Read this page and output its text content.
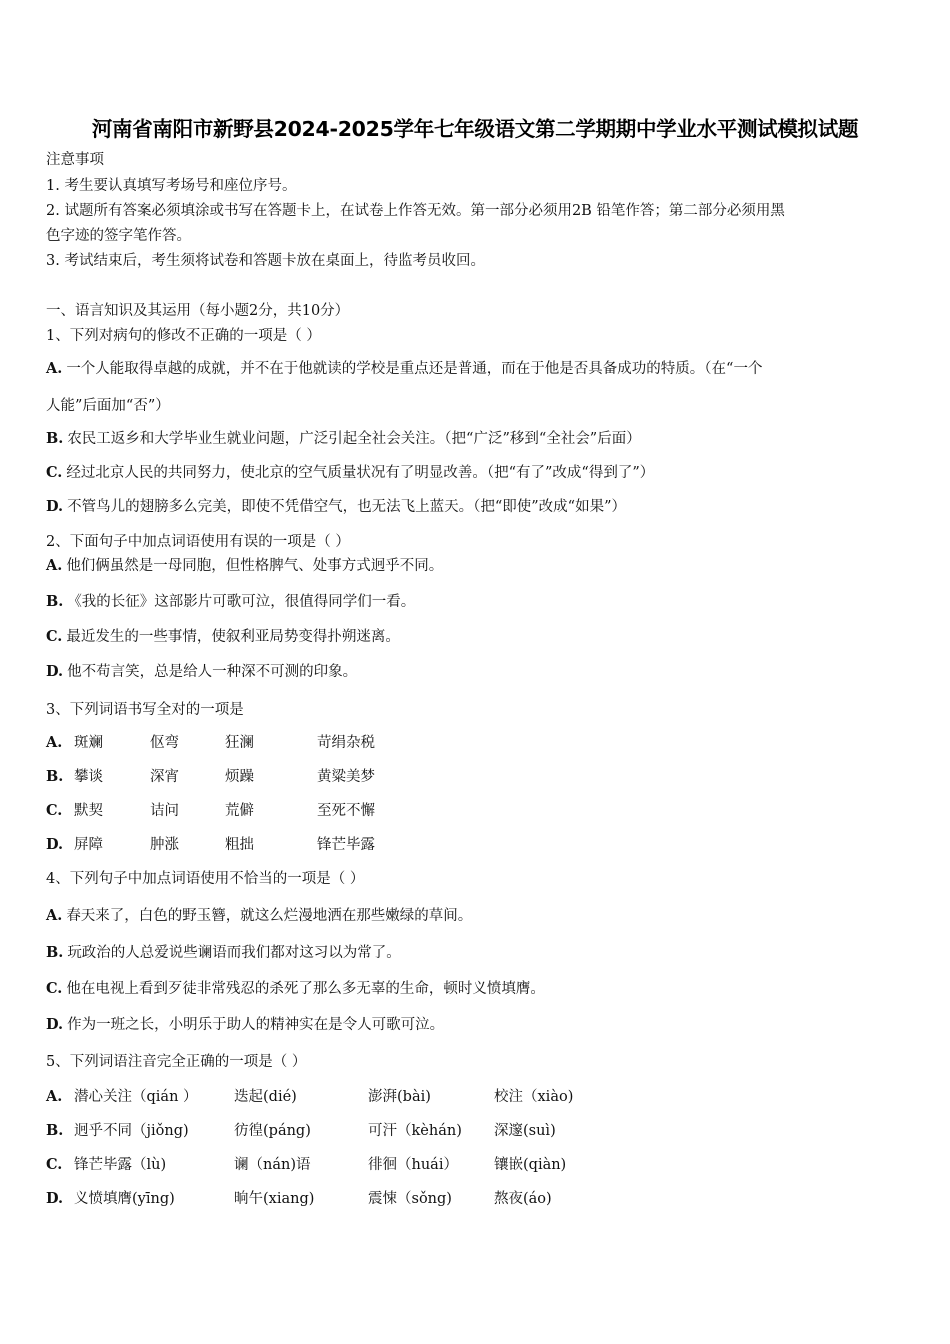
河南省南阳市新野县2024-2025学年七年级语文第二学期期中学业水平测试模拟试题
注意事项
1. 考生要认真填写考场号和座位序号。
2. 试题所有答案必须填涂或书写在答题卡上，在试卷上作答无效。第一部分必须用2B 铅笔作答；第二部分必须用黑
色字迹的签字笔作答。
3. 考试结束后，考生须将试卷和答题卡放在桌面上，待监考员收回。
一、语言知识及其运用（每小题2分，共10分）
1、下列对病句的修改不正确的一项是（ ）
A. 一个人能取得卓越的成就，并不在于他就读的学校是重点还是普通，而在于他是否具备成功的特质。（在“一个
人能”后面加“否”）
B. 农民工返乡和大学毕业生就业问题，广泛引起全社会关注。（把“广泛”移到“全社会”后面）
C. 经过北京人民的共同努力，使北京的空气质量状况有了明显改善。（把“有了”改成“得到了”）
D. 不管鸟儿的翅膀多么完美，即使不凭借空气，也无法飞上蓝天。（把“即使”改成“如果”）
2、下面句子中加点词语使用有误的一项是（ ）
A. 他们俩虽然是一母同胞，但性格脾气、处事方式迥乎不同。
B. 《我的长征》这部影片可歌可泣，很值得同学们一看。
C. 最近发生的一些事情，使叙利亚局势变得扑朔迷离。
D. 他不苟言笑，总是给人一种深不可测的印象。
3、下列词语书写全对的一项是
A. 斑斓	伛弯	狂澜	苛绢杂税
B. 攀谈	深宵	烦躁	黄粱美梦
C. 默契	诘问	荒僻	至死不懈
D. 屏障	肿涨	粗拙	锋芒毕露
4、下列句子中加点词语使用不恰当的一项是（ ）
A. 春天来了，白色的野玉簪，就这么烂漫地洒在那些嫩绿的草间。
B. 玩政治的人总爱说些谰语而我们都对这习以为常了。
C. 他在电视上看到歹徒非常残忍的杀死了那么多无辜的生命，顿时义愤填膺。
D. 作为一班之长，小明乐于助人的精神实在是令人可歌可泣。
5、下列词语注音完全正确的一项是（ ）
A. 潜心关注（qián ）	迭起(dié)	澎湃(bài)	校注（xiào)
B. 迥乎不同（jiǒng)	彷徨(páng)	可汗（kèhán) 深邃(suì)
C. 锋芒毕露（lù)	谰（nán)语	徘徊（huái） 镶嵌(qiàn)
D. 义愤填膺(yīng)	晌午(xiang)	震悚（sǒng)	熬夜(áo)
